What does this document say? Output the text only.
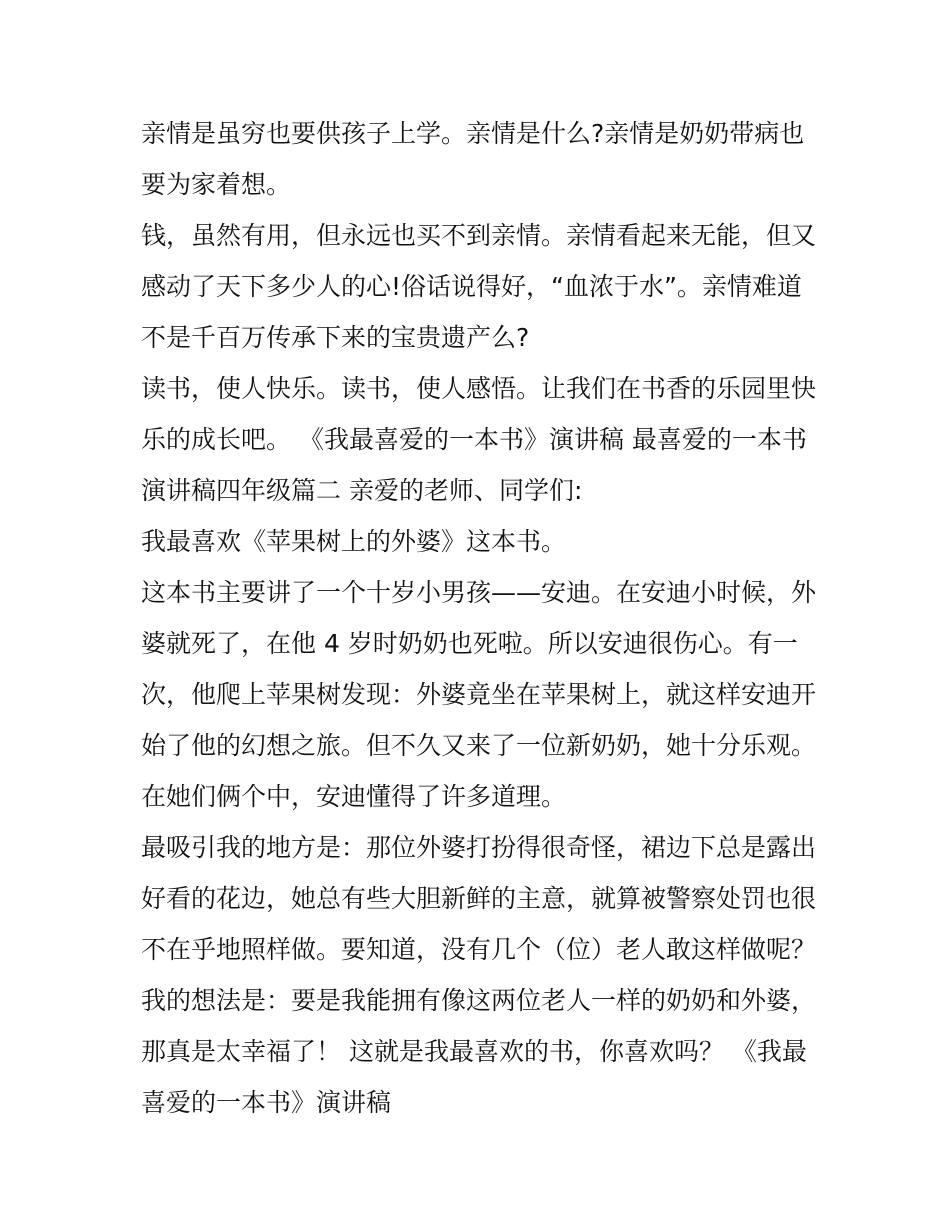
亲情是虽穷也要供孩子上学。亲情是什么?亲情是奶奶带病也
要为家着想。
钱，虽然有用，但永远也买不到亲情。亲情看起来无能，但又
感动了天下多少人的心!俗话说得好，“血浓于水”。亲情难道
不是千百万传承下来的宝贵遗产么?
读书，使人快乐。读书，使人感悟。让我们在书香的乐园里快
乐的成长吧。 《我最喜爱的一本书》演讲稿 最喜爱的一本书
演讲稿四年级篇二 亲爱的老师、同学们:
我最喜欢《苹果树上的外婆》这本书。
这本书主要讲了一个十岁小男孩——安迪。在安迪小时候，外
婆就死了，在他 4 岁时奶奶也死啦。所以安迪很伤心。有一
次，他爬上苹果树发现：外婆竟坐在苹果树上，就这样安迪开
始了他的幻想之旅。但不久又来了一位新奶奶，她十分乐观。
在她们俩个中，安迪懂得了许多道理。
最吸引我的地方是：那位外婆打扮得很奇怪，裙边下总是露出
好看的花边，她总有些大胆新鲜的主意，就算被警察处罚也很
不在乎地照样做。要知道，没有几个（位）老人敢这样做呢？
我的想法是：要是我能拥有像这两位老人一样的奶奶和外婆，
那真是太幸福了！ 这就是我最喜欢的书，你喜欢吗？ 《我最
喜爱的一本书》演讲稿
